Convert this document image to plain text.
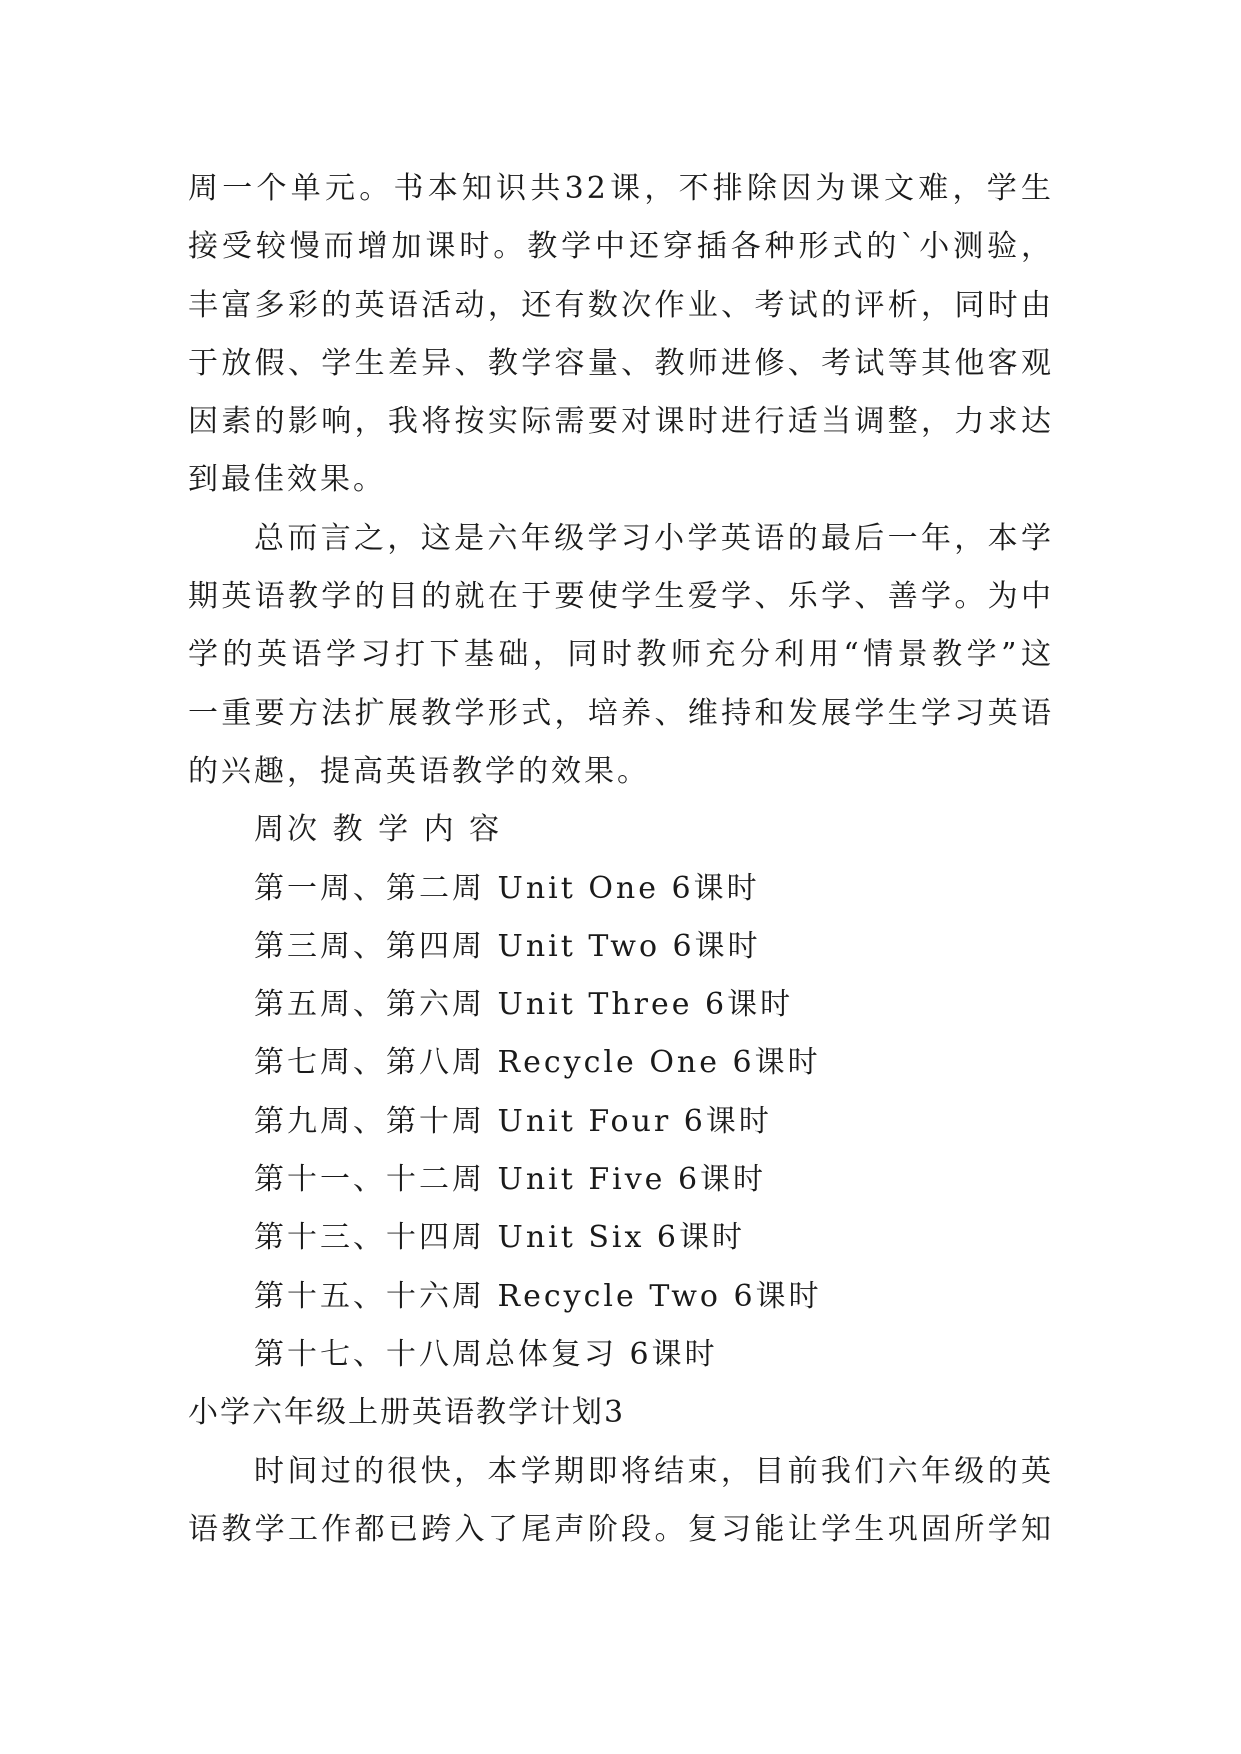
周一个单元。书本知识共32课，不排除因为课文难，学生
接受较慢而增加课时。教学中还穿插各种形式的`小测验，
丰富多彩的英语活动，还有数次作业、考试的评析，同时由
于放假、学生差异、教学容量、教师进修、考试等其他客观
因素的影响，我将按实际需要对课时进行适当调整，力求达
到最佳效果。
总而言之，这是六年级学习小学英语的最后一年，本学
期英语教学的目的就在于要使学生爱学、乐学、善学。为中
学的英语学习打下基础，同时教师充分利用“情景教学”这
一重要方法扩展教学形式，培养、维持和发展学生学习英语
的兴趣，提高英语教学的效果。
周次 教 学 内 容
第一周、第二周 Unit One 6课时
第三周、第四周 Unit Two 6课时
第五周、第六周 Unit Three 6课时
第七周、第八周 Recycle One 6课时
第九周、第十周 Unit Four 6课时
第十一、十二周 Unit Five 6课时
第十三、十四周 Unit Six 6课时
第十五、十六周 Recycle Two 6课时
第十七、十八周总体复习 6课时
小学六年级上册英语教学计划3
时间过的很快，本学期即将结束，目前我们六年级的英
语教学工作都已跨入了尾声阶段。复习能让学生巩固所学知
